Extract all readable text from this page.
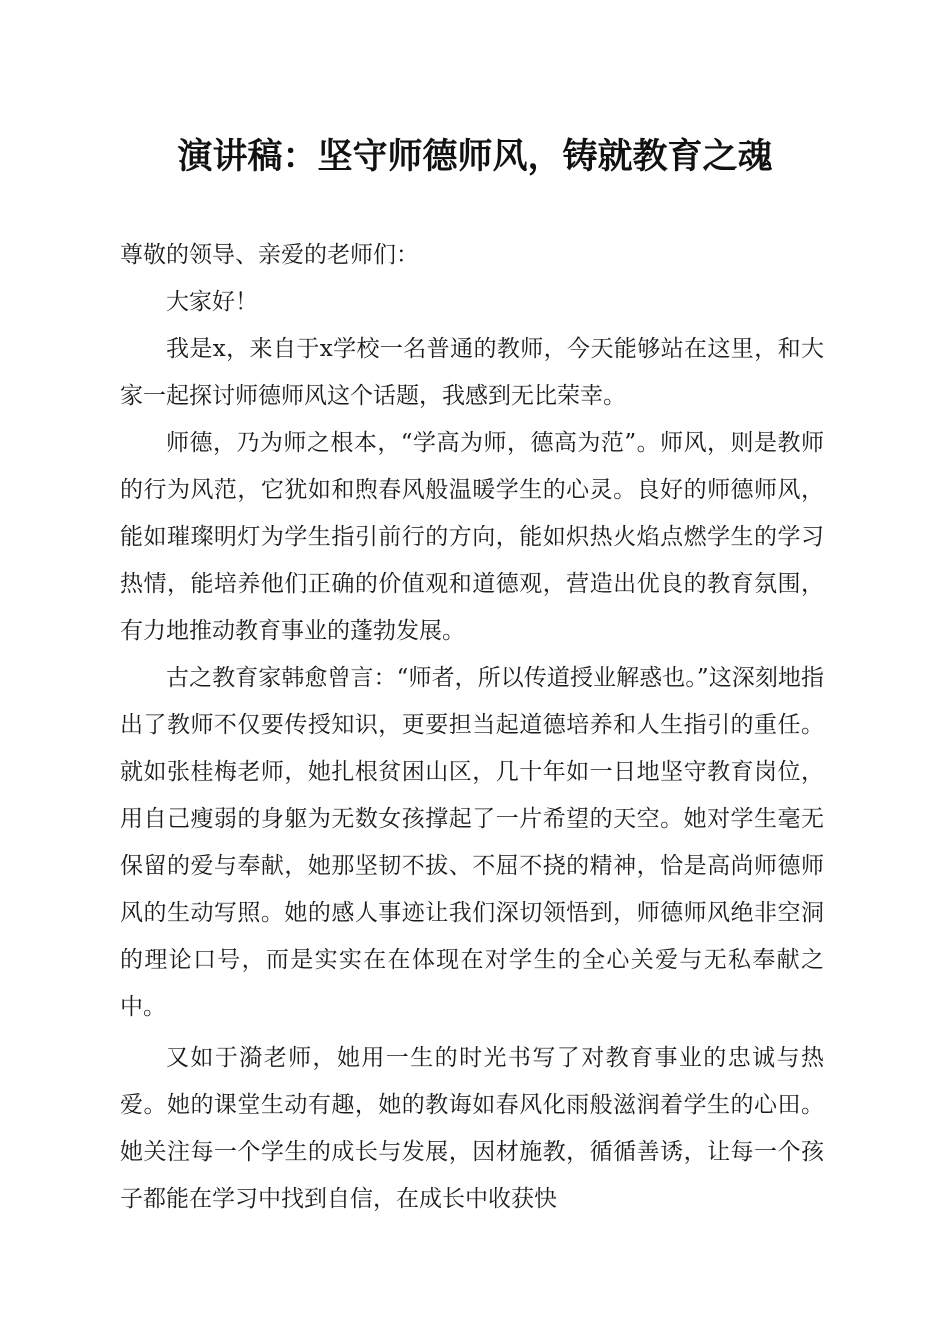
演讲稿：坚守师德师风，铸就教育之魂

尊敬的领导、亲爱的老师们：

大家好！

我是x，来自于x学校一名普通的教师，今天能够站在这里，和大家一起探讨师德师风这个话题，我感到无比荣幸。

师德，乃为师之根本，“学高为师，德高为范”。师风，则是教师的行为风范，它犹如和煦春风般温暖学生的心灵。良好的师德师风，能如璀璨明灯为学生指引前行的方向，能如炽热火焰点燃学生的学习热情，能培养他们正确的价值观和道德观，营造出优良的教育氛围，有力地推动教育事业的蓬勃发展。

古之教育家韩愈曾言：“师者，所以传道授业解惑也。”这深刻地指出了教师不仅要传授知识，更要担当起道德培养和人生指引的重任。就如张桂梅老师，她扎根贫困山区，几十年如一日地坚守教育岗位，用自己瘦弱的身躯为无数女孩撑起了一片希望的天空。她对学生毫无保留的爱与奉献，她那坚韧不拔、不屈不挠的精神，恰是高尚师德师风的生动写照。她的感人事迹让我们深切领悟到，师德师风绝非空洞的理论口号，而是实实在在体现在对学生的全心关爱与无私奉献之中。

又如于漪老师，她用一生的时光书写了对教育事业的忠诚与热爱。她的课堂生动有趣，她的教诲如春风化雨般滋润着学生的心田。她关注每一个学生的成长与发展，因材施教，循循善诱，让每一个孩子都能在学习中找到自信，在成长中收获快
